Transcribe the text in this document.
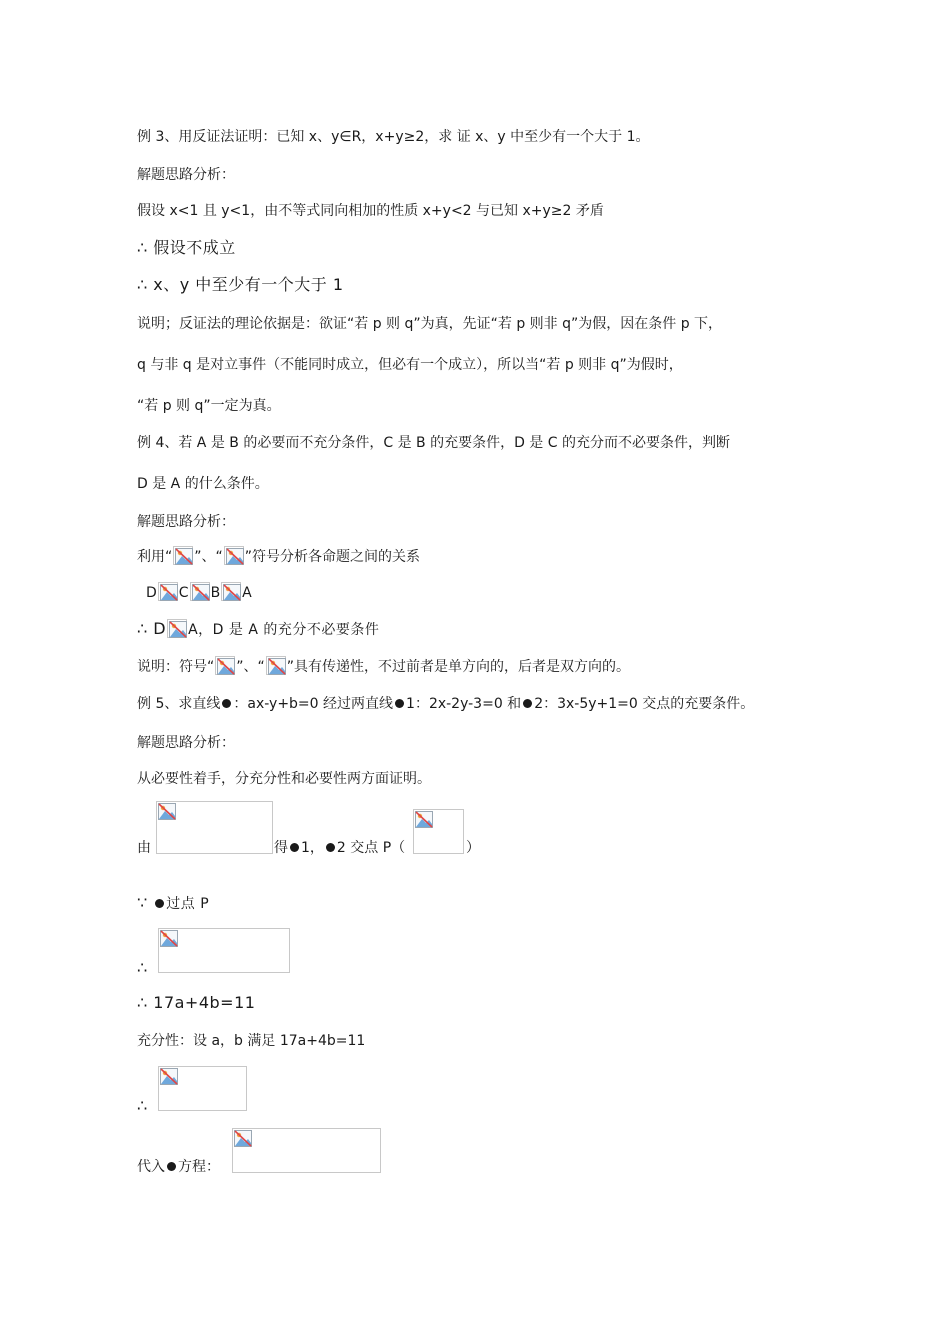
例 3、用反证法证明：已知 x、y∈R，x+y≥2，求 证 x、y 中至少有一个大于 1。
解题思路分析：
假设 x<1 且 y<1，由不等式同向相加的性质 x+y<2 与已知 x+y≥2 矛盾
∴ 假设不成立
∴ x、y 中至少有一个大于 1
说明；反证法的理论依据是：欲证“若 p 则 q”为真，先证“若 p 则非 q”为假，因在条件 p 下，
q 与非 q 是对立事件（不能同时成立，但必有一个成立），所以当“若 p 则非 q”为假时，
“若 p 则 q”一定为真。
例 4、若 A 是 B 的必要而不充分条件，C 是 B 的充要条件，D 是 C 的充分而不必要条件，判断
D 是 A 的什么条件。
解题思路分析：
利用“ ”、“ ”符号分析各命题之间的关系
D C B A
∴ D A，D 是 A 的充分不必要条件
说明：符号“ ”、“ ”具有传递性，不过前者是单方向的，后者是双方向的。
例 5、求直线 ：ax-y+b=0 经过两直线 1：2x-2y-3=0 和 2：3x-5y+1=0 交点的充要条件。
解题思路分析：
从必要性着手，分充分性和必要性两方面证明。
由	得 1， 2 交点 P（	）
∵ 过点 P
∴
∴ 17a+4b=11
充分性：设 a，b 满足 17a+4b=11
∴
代入 方程：
